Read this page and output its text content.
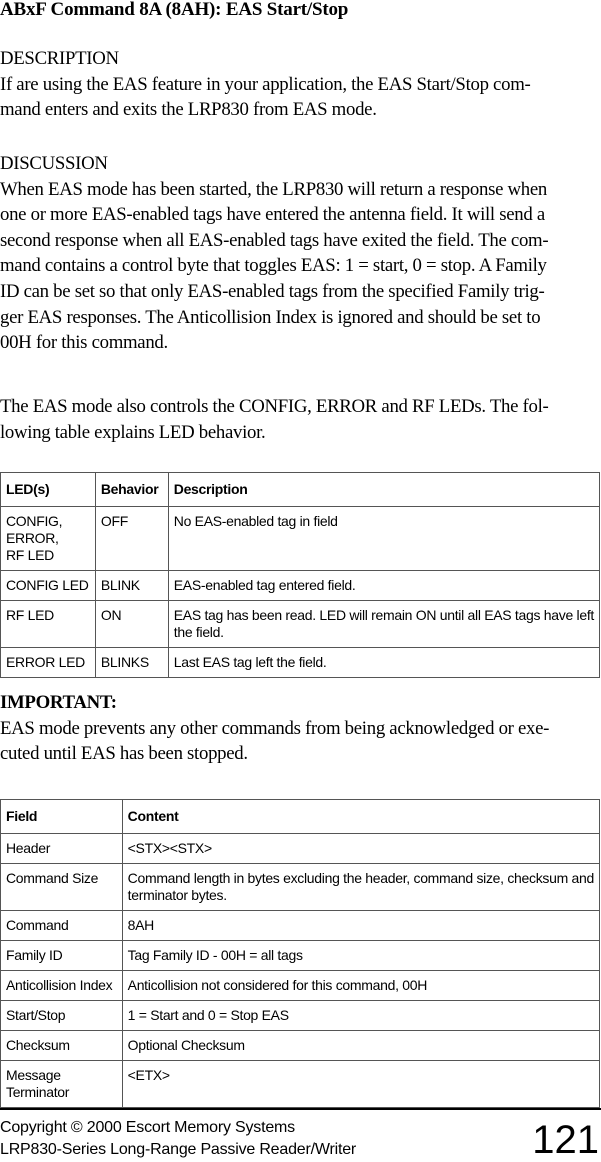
ABxF Command 8A (8AH): EAS Start/Stop
DESCRIPTION
If are using the EAS feature in your application, the EAS Start/Stop com-
mand enters and exits the LRP830 from EAS mode.
DISCUSSION
When EAS mode has been started, the LRP830 will return a response when
one or more EAS-enabled tags have entered the antenna field. It will send a
second response when all EAS-enabled tags have exited the field. The com-
mand contains a control byte that toggles EAS: 1 = start, 0 = stop. A Family
ID can be set so that only EAS-enabled tags from the specified Family trig-
ger EAS responses. The Anticollision Index is ignored and should be set to
00H for this command.
The EAS mode also controls the CONFIG, ERROR and RF LEDs. The fol-
lowing table explains LED behavior.
LED(s)	Behavior	Description

CONFIG,
ERROR,
RF LED	OFF	No EAS-enabled tag in field

CONFIG LED	BLINK	EAS-enabled tag entered field.

RF LED	ON	EAS tag has been read. LED will remain ON until all EAS tags have left
the field.

ERROR LED	BLINKS	Last EAS tag left the field.
IMPORTANT:
EAS mode prevents any other commands from being acknowledged or exe-
cuted until EAS has been stopped.
Field	Content
Header	<STX><STX>

Command Size	Command length in bytes excluding the header, command size, checksum and
terminator bytes.

Command	8AH

Family ID	Tag Family ID - 00H = all tags

Anticollision Index	Anticollision not considered for this command, 00H

Start/Stop	1 = Start and 0 = Stop EAS

Checksum	Optional Checksum

Message Terminator	<ETX>
Copyright © 2000 Escort Memory Systems
LRP830-Series Long-Range Passive Reader/Writer	121
